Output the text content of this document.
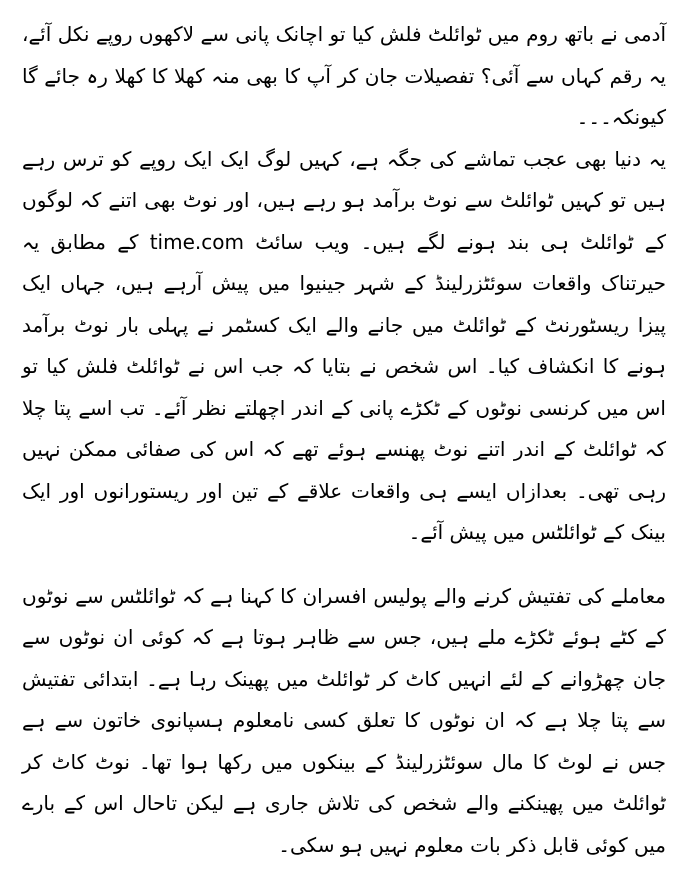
آدمی نے باتھ روم میں ٹوائلٹ فلش کیا تو اچانک پانی سے لاکھوں روپے نکل آئے، یہ رقم کہاں سے آئی؟ تفصیلات جان کر آپ کا بھی منہ کھلا کا کھلا رہ جائے گا کیونکہ۔۔۔

یہ دنیا بھی عجب تماشے کی جگہ ہے، کہیں لوگ ایک ایک روپے کو ترس رہے ہیں تو کہیں ٹوائلٹ سے نوٹ برآمد ہو رہے ہیں، اور نوٹ بھی اتنے کہ لوگوں کے ٹوائلٹ ہی بند ہونے لگے ہیں۔ ویب سائٹ time.com کے مطابق یہ حیرتناک واقعات سوئٹزرلینڈ کے شہر جینیوا میں پیش آرہے ہیں، جہاں ایک پیزا ریسٹورنٹ کے ٹوائلٹ میں جانے والے ایک کسٹمر نے پہلی بار نوٹ برآمد ہونے کا انکشاف کیا۔ اس شخص نے بتایا کہ جب اس نے ٹوائلٹ فلش کیا تو اس میں کرنسی نوٹوں کے ٹکڑے پانی کے اندر اچھلتے نظر آئے۔ تب اسے پتا چلا کہ ٹوائلٹ کے اندر اتنے نوٹ پھنسے ہوئے تھے کہ اس کی صفائی ممکن نہیں رہی تھی۔ بعدازاں ایسے ہی واقعات علاقے کے تین اور ریستورانوں اور ایک بینک کے ٹوائلٹس میں پیش آئے۔

معاملے کی تفتیش کرنے والے پولیس افسران کا کہنا ہے کہ ٹوائلٹس سے نوٹوں کے کٹے ہوئے ٹکڑے ملے ہیں، جس سے ظاہر ہوتا ہے کہ کوئی ان نوٹوں سے جان چھڑوانے کے لئے انہیں کاٹ کر ٹوائلٹ میں پھینک رہا ہے۔ ابتدائی تفتیش سے پتا چلا ہے کہ ان نوٹوں کا تعلق کسی نامعلوم ہسپانوی خاتون سے ہے جس نے لوٹ کا مال سوئٹزرلینڈ کے بینکوں میں رکھا ہوا تھا۔ نوٹ کاٹ کر ٹوائلٹ میں پھینکنے والے شخص کی تلاش جاری ہے لیکن تاحال اس کے بارے میں کوئی قابل ذکر بات معلوم نہیں ہو سکی۔
